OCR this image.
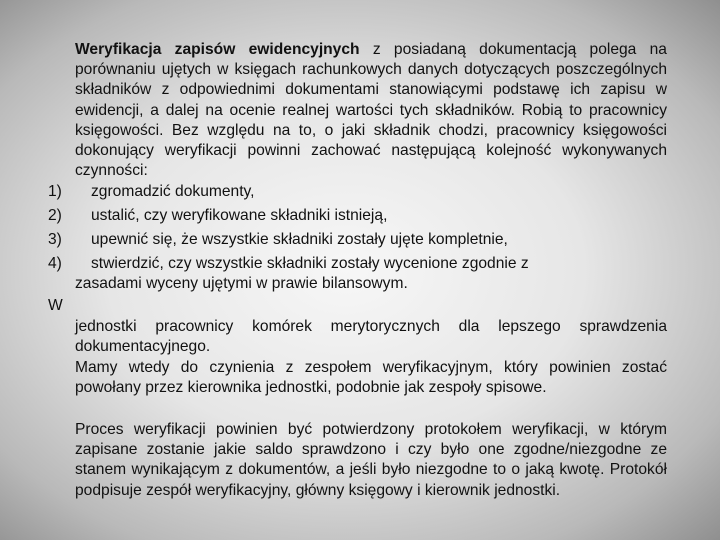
Weryfikacja zapisów ewidencyjnych z posiadaną dokumentacją polega na porównaniu ujętych w księgach rachunkowych danych dotyczących poszczególnych składników z odpowiednimi dokumentami stanowiącymi podstawę ich zapisu w ewidencji, a dalej na ocenie realnej wartości tych składników. Robią to pracownicy księgowości. Bez względu na to, o jaki składnik chodzi, pracownicy księgowości dokonujący weryfikacji powinni zachować następującą kolejność wykonywanych czynności:

1) zgromadzić dokumenty,
2) ustalić, czy weryfikowane składniki istnieją,
3) upewnić się, że wszystkie składniki zostały ujęte kompletnie,
4) stwierdzić, czy wszystkie składniki zostały wycenione zgodnie z
zasadami wyceny ujętymi w prawie bilansowym.
W

jednostki pracownicy komórek merytorycznych dla lepszego sprawdzenia dokumentacyjnego.

Mamy wtedy do czynienia z zespołem weryfikacyjnym, który powinien zostać powołany przez kierownika jednostki, podobnie jak zespoły spisowe.

Proces weryfikacji powinien być potwierdzony protokołem weryfikacji, w którym zapisane zostanie jakie saldo sprawdzono i czy było one zgodne/niezgodne ze stanem wynikającym z dokumentów, a jeśli było niezgodne to o jaką kwotę. Protokół podpisuje zespół weryfikacyjny, główny księgowy i kierownik jednostki.
